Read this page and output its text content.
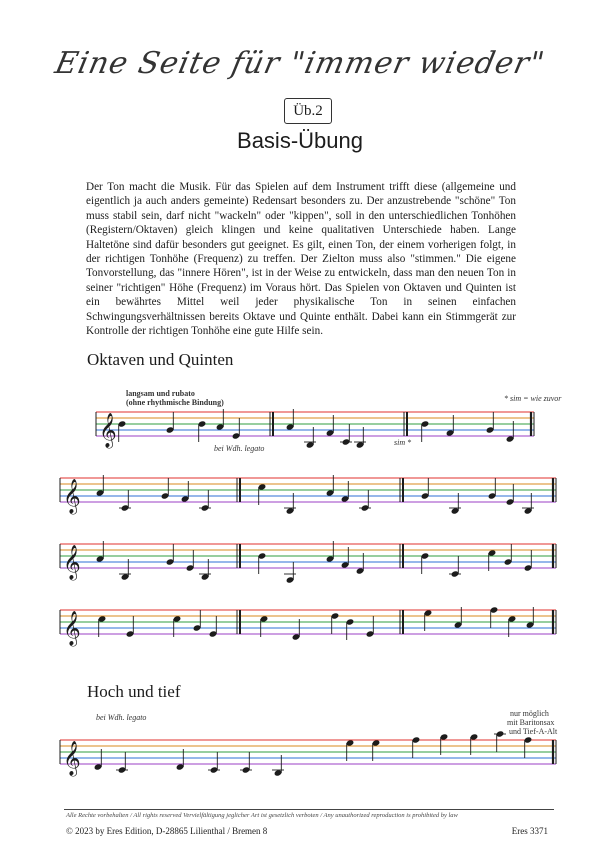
Eine Seite für "immer wieder"
Üb.2
Basis-Übung
Der Ton macht die Musik. Für das Spielen auf dem Instrument trifft diese (allgemeine und eigentlich ja auch anders gemeinte) Redensart besonders zu. Der anzustrebende "schöne" Ton muss stabil sein, darf nicht "wackeln" oder "kippen", soll in den unterschiedlichen Tonhöhen (Registern/Oktaven) gleich klingen und keine qualitativen Unterschiede haben. Lange Haltetöne sind dafür besonders gut geeignet. Es gilt, einen Ton, der einem vorherigen folgt, in der richtigen Tonhöhe (Frequenz) zu treffen. Der Zielton muss also "stimmen." Die eigene Tonvorstellung, das "innere Hören", ist in der Weise zu entwickeln, dass man den neuen Ton in seiner "richtigen" Höhe (Frequenz) im Voraus hört. Das Spielen von Oktaven und Quinten ist ein bewährtes Mittel weil jeder physikalische Ton in seinen einfachen Schwingungsverhältnissen bereits Oktave und Quinte enthält. Dabei kann ein Stimmgerät zur Kontrolle der richtigen Tonhöhe eine gute Hilfe sein.
Oktaven und Quinten
Hoch und tief
𝄞
𝄞
𝄞
𝄞
𝄞
langsam und rubato
(ohne rhythmische Bindung)
bei Wdh. legato
sim *
* sim = wie zuvor
bei Wdh. legato	nur möglich
mit Baritonsax
und Tief-A-Alt
Alle Rechte vorbehalten / All rights reserved Vervielfältigung jeglicher Art ist gesetzlich verboten / Any unauthorized reproduction is prohibited by law
© 2023 by Eres Edition, D-28865 Lilienthal / Bremen 8	Eres 3371
